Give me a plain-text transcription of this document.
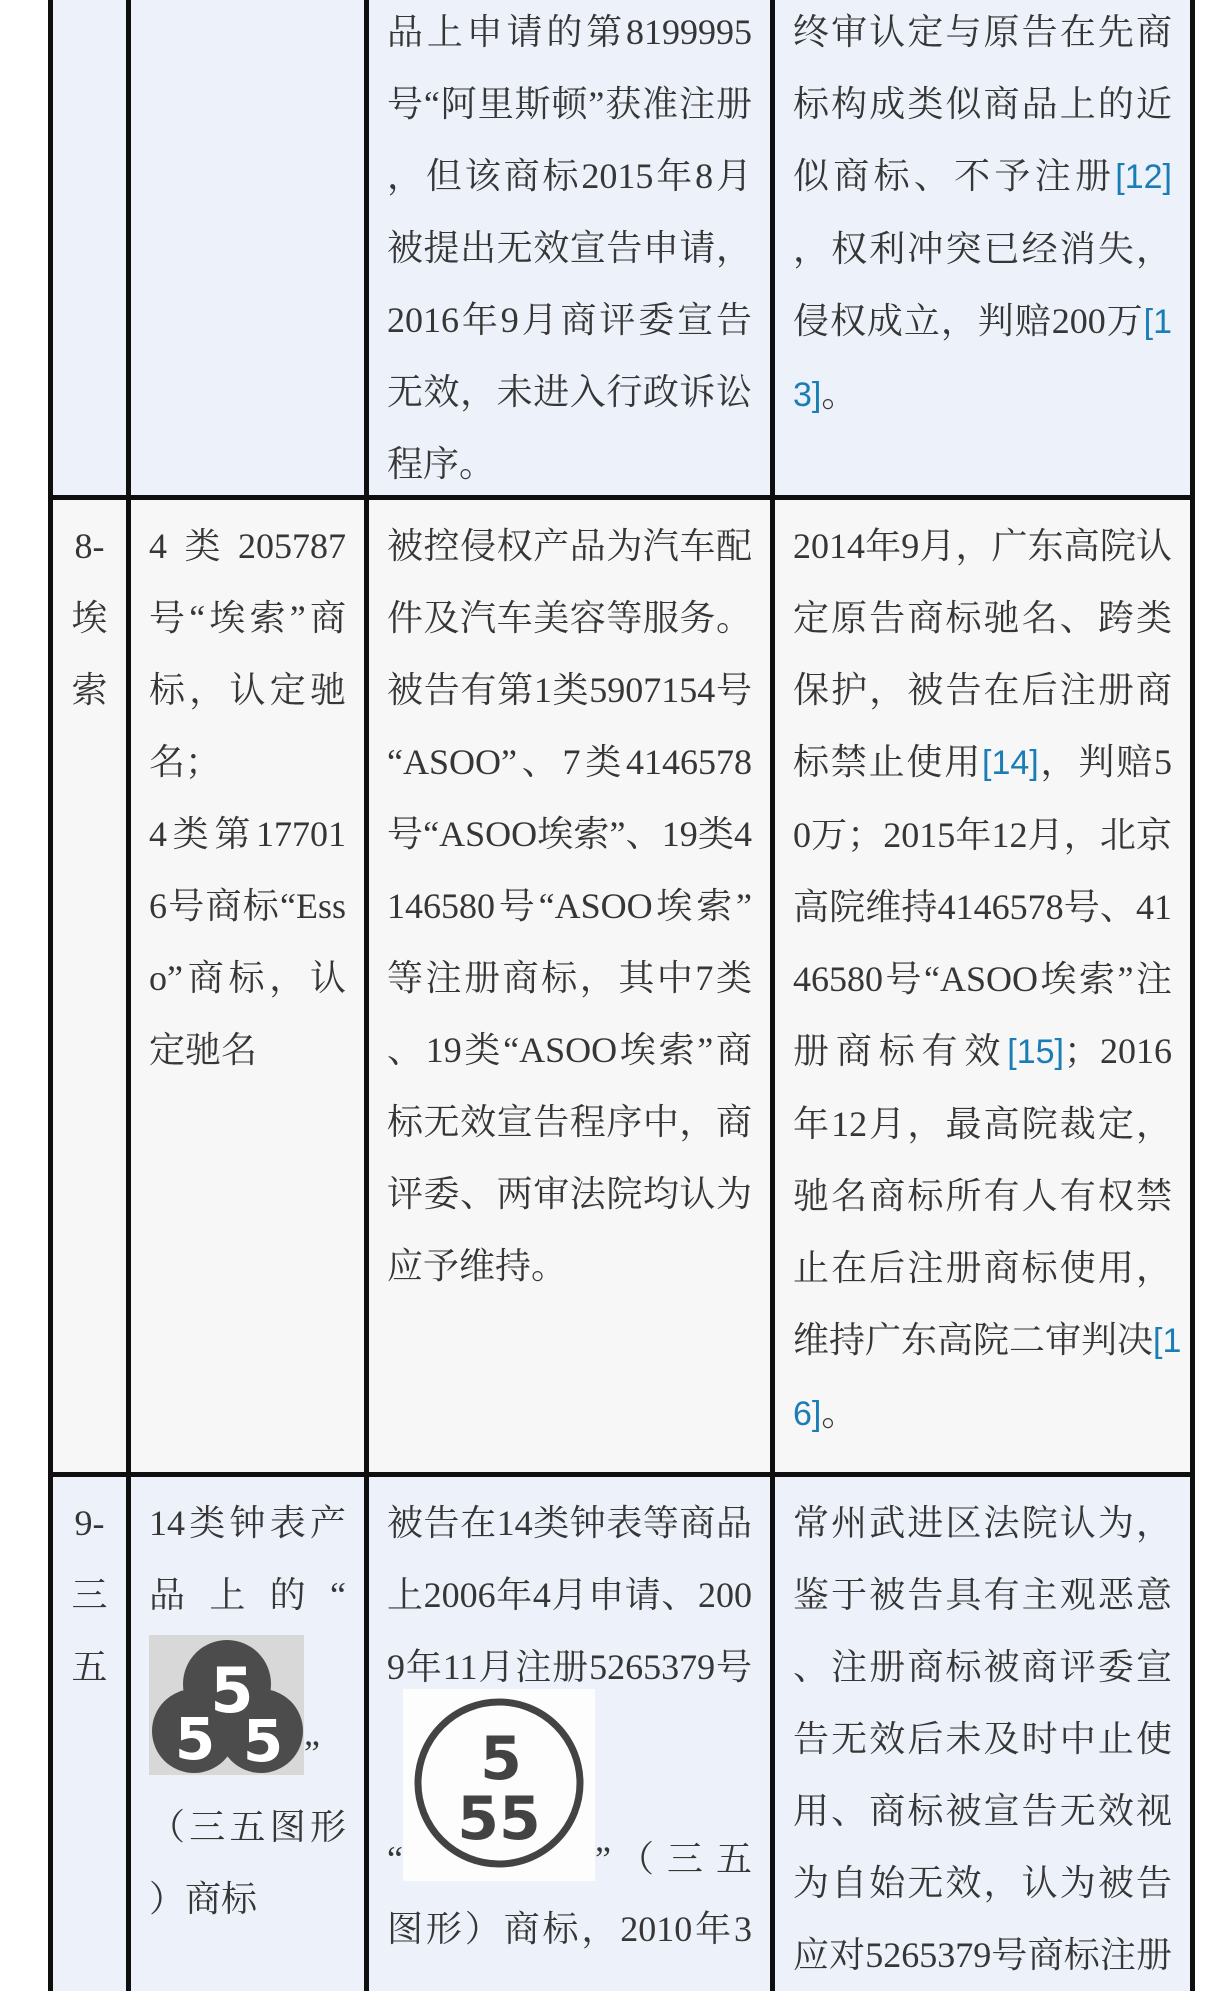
品上申请的第8199995
号“阿里斯顿”获准注册
，但该商标2015年8月
被提出无效宣告申请，
2016年9月商评委宣告
无效，未进入行政诉讼
程序。
终审认定与原告在先商
标构成类似商品上的近
似商标、不予注册[12]
，权利冲突已经消失，
侵权成立，判赔200万[1
3]。
8-
埃
索
4类205787
号“埃索”商
标，认定驰
名；
4类第17701
6号商标“Ess
o”商标，认
定驰名
被控侵权产品为汽车配
件及汽车美容等服务。
被告有第1类5907154号
“ASOO”、7类4146578
号“ASOO埃索”、19类4
146580号“ASOO埃索”
等注册商标，其中7类
、19类“ASOO埃索”商
标无效宣告程序中，商
评委、两审法院均认为
应予维持。
2014年9月，广东高院认
定原告商标驰名、跨类
保护，被告在后注册商
标禁止使用[14]，判赔5
0万；2015年12月，北京
高院维持4146578号、41
46580号“ASOO埃索”注
册商标有效[15]；2016
年12月，最高院裁定，
驰名商标所有人有权禁
止在后注册商标使用，
维持广东高院二审判决[1
6]。
9-
三
五
14类钟表产
品上的“
5
5 5 ”
（三五图形
）商标
被告在14类钟表等商品
上2006年4月申请、200
9年11月注册5265379号
“
5
55
” （三五
图形）商标，2010年3
常州武进区法院认为，
鉴于被告具有主观恶意
、注册商标被商评委宣
告无效后未及时中止使
用、商标被宣告无效视
为自始无效，认为被告
应对5265379号商标注册
